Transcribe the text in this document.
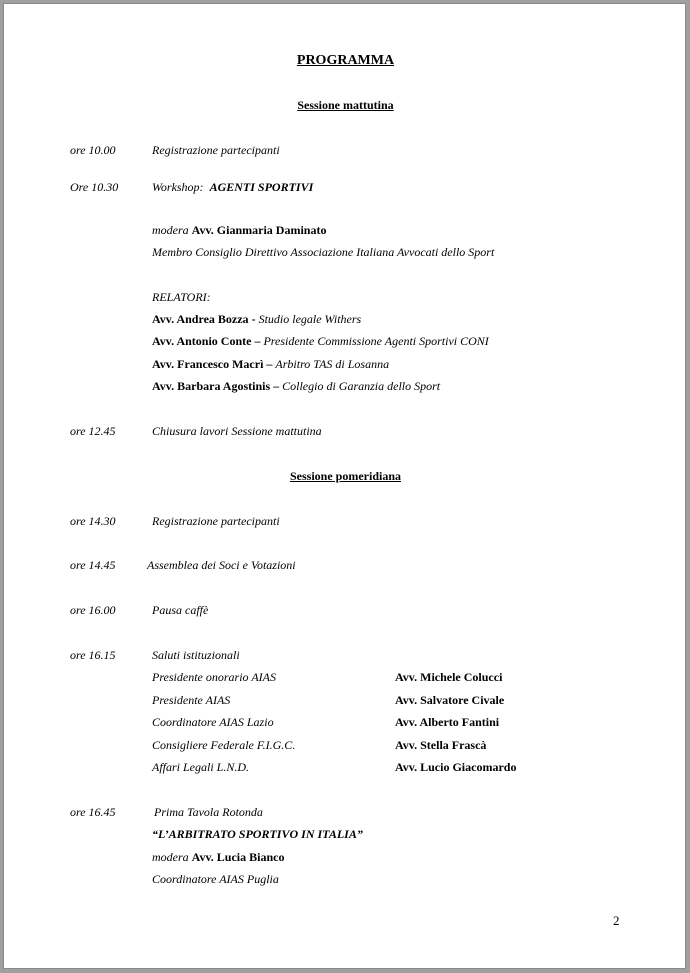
PROGRAMMA
Sessione mattutina
ore 10.00	Registrazione partecipanti
Ore 10.30	Workshop: AGENTI SPORTIVI
modera Avv. Gianmaria Daminato
Membro Consiglio Direttivo Associazione Italiana Avvocati dello Sport
RELATORI:
Avv. Andrea Bozza - Studio legale Withers
Avv. Antonio Conte – Presidente Commissione Agenti Sportivi CONI
Avv. Francesco Macrì – Arbitro TAS di Losanna
Avv. Barbara Agostinis – Collegio di Garanzia dello Sport
ore 12.45	Chiusura lavori Sessione mattutina
Sessione pomeridiana
ore 14.30	Registrazione partecipanti
ore 14.45	Assemblea dei Soci e Votazioni
ore 16.00	Pausa caffè
ore 16.15	Saluti istituzionali
Presidente onorario AIAS	Avv. Michele Colucci
Presidente AIAS	Avv. Salvatore Civale
Coordinatore AIAS Lazio	Avv. Alberto Fantini
Consigliere Federale F.I.G.C.	Avv. Stella Frascà
Affari Legali L.N.D.	Avv. Lucio Giacomardo
ore 16.45	Prima Tavola Rotonda
“L’ARBITRATO SPORTIVO IN ITALIA”
modera Avv. Lucia Bianco
Coordinatore AIAS Puglia
2
